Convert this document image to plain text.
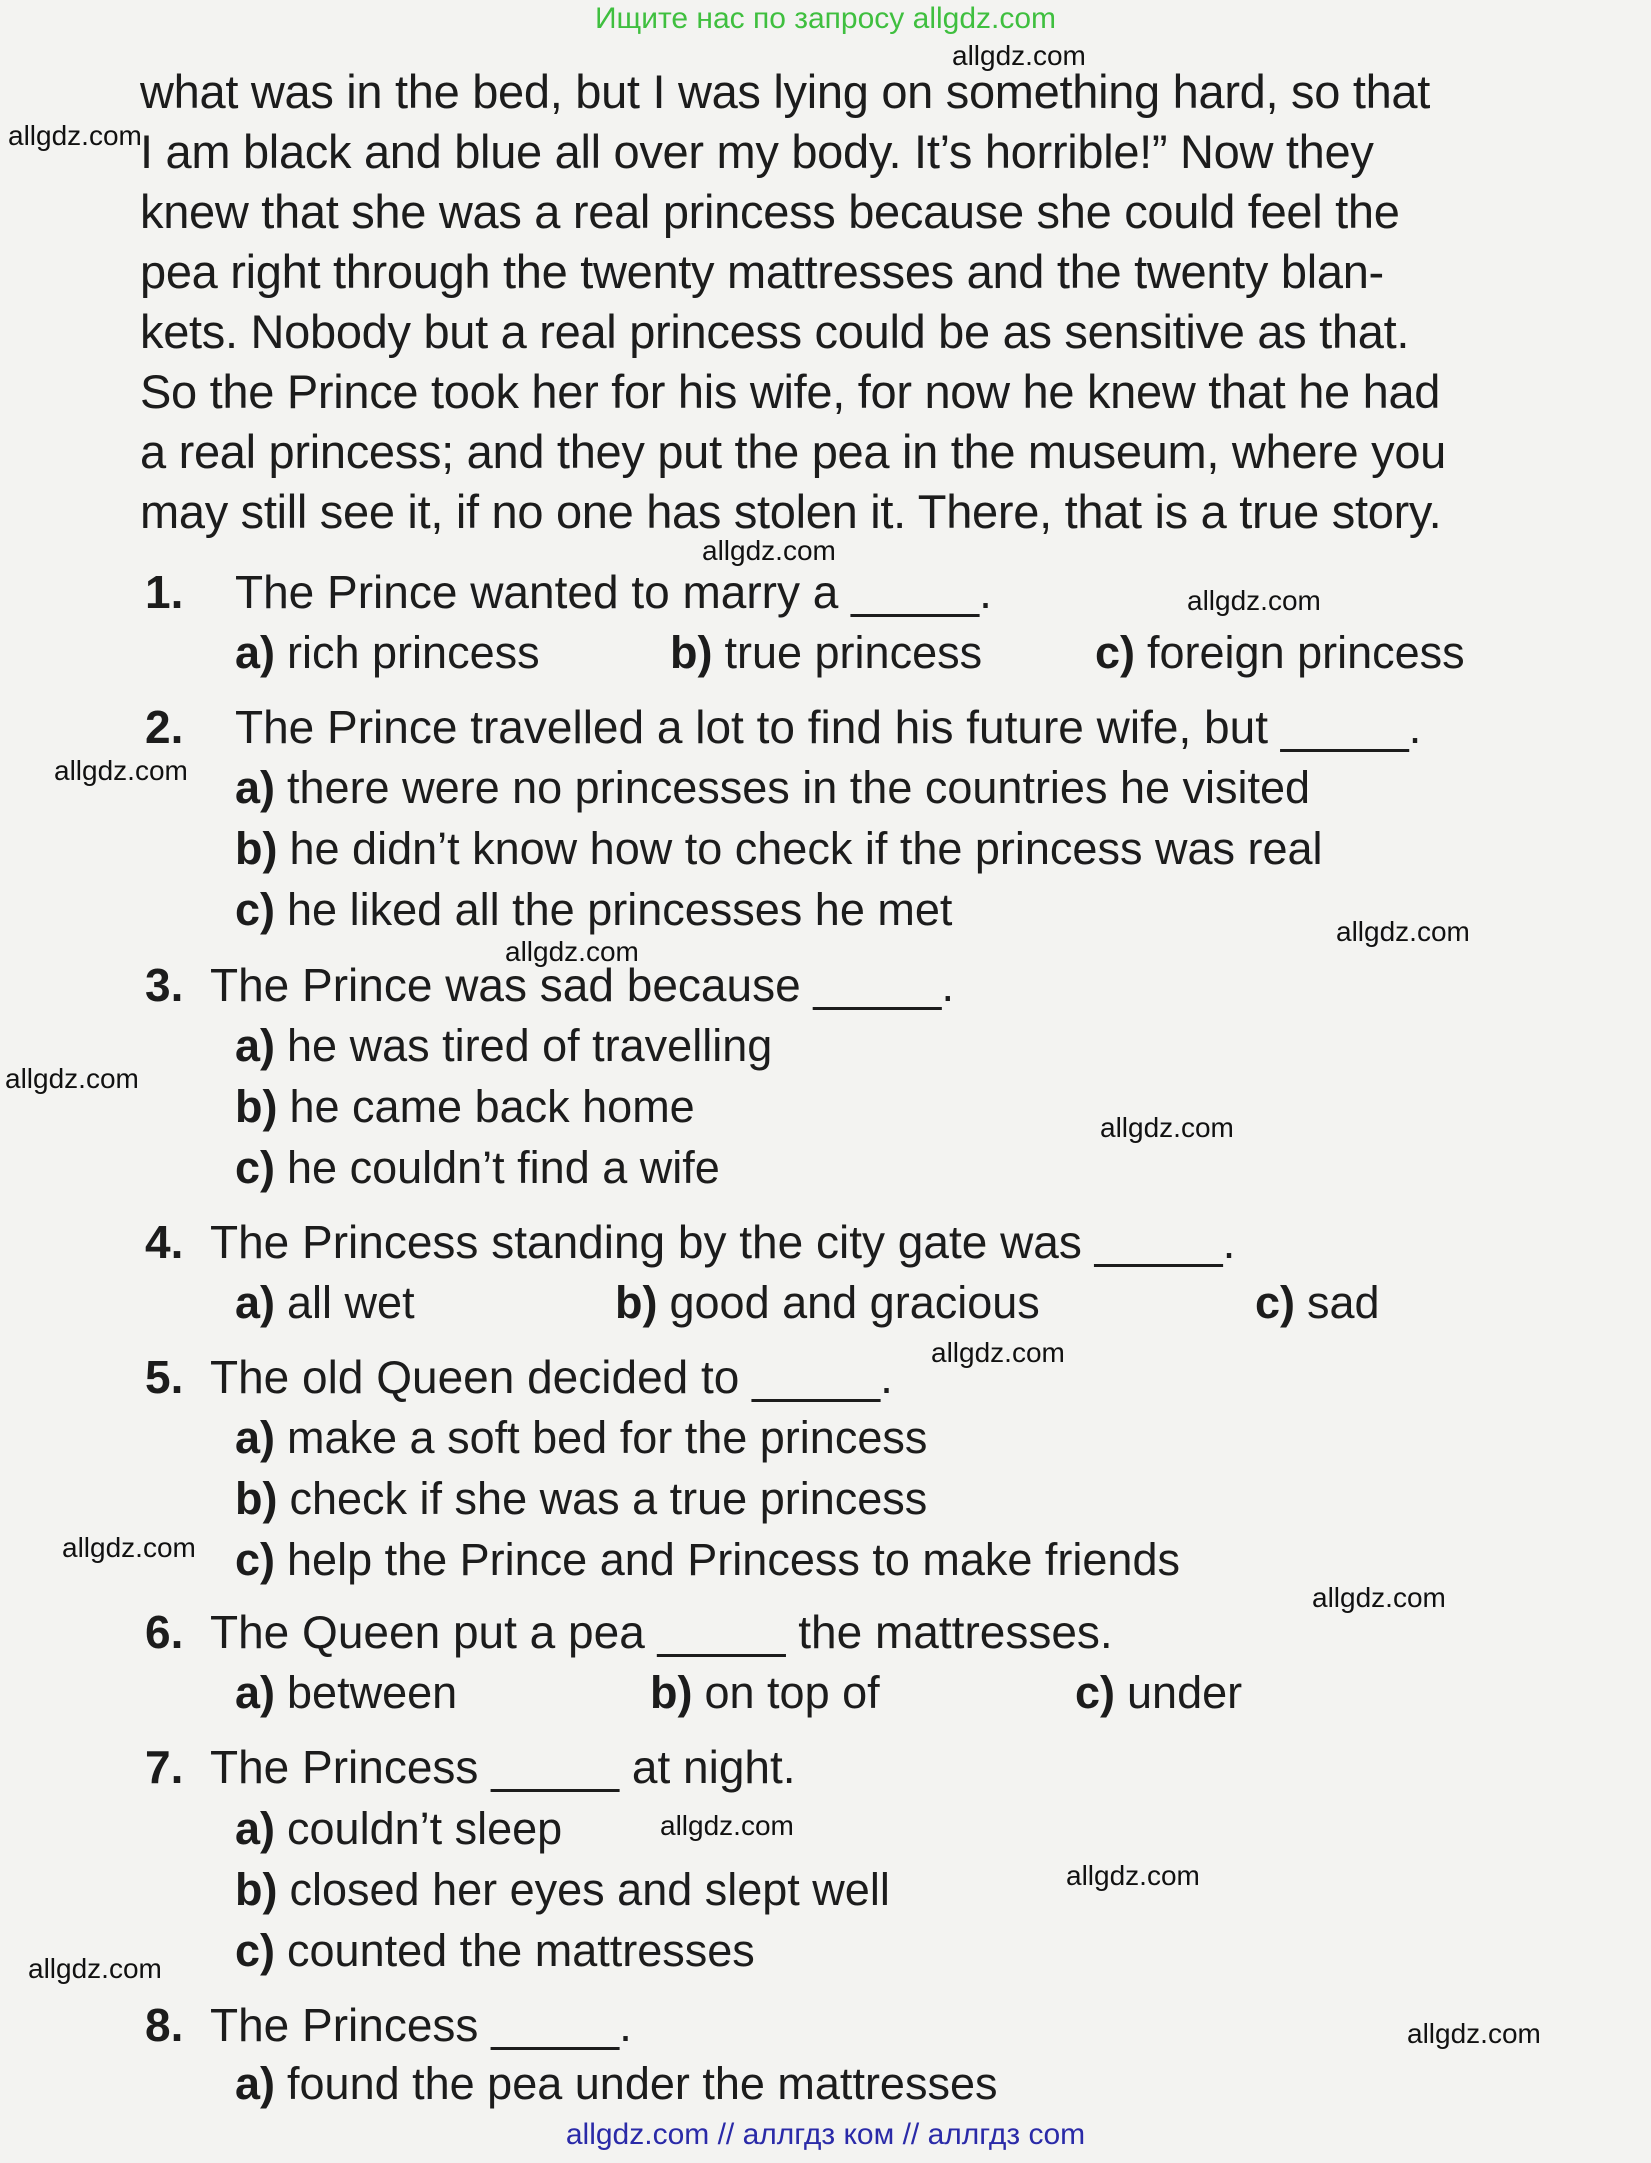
Ищите нас по запросу allgdz.com
allgdz.com
allgdz.com
allgdz.com
allgdz.com
allgdz.com
allgdz.com
allgdz.com
allgdz.com
allgdz.com
allgdz.com
allgdz.com
allgdz.com
allgdz.com
allgdz.com
allgdz.com
allgdz.com
what was in the bed, but I was lying on something hard, so that
I am black and blue all over my body. It’s horrible!” Now they
knew that she was a real princess because she could feel the
pea right through the twenty mattresses and the twenty blan-
kets. Nobody but a real princess could be as sensitive as that.
So the Prince took her for his wife, for now he knew that he had
a real princess; and they put the pea in the museum, where you
may still see it, if no one has stolen it. There, that is a true story.
1. The Prince wanted to marry a _____.
a) rich princess	b) true princess	c) foreign princess
2. The Prince travelled a lot to find his future wife, but _____.
a) there were no princesses in the countries he visited
b) he didn’t know how to check if the princess was real
c) he liked all the princesses he met
3. The Prince was sad because _____.
a) he was tired of travelling
b) he came back home
c) he couldn’t find a wife
4. The Princess standing by the city gate was _____.
a) all wet	b) good and gracious	c) sad
5. The old Queen decided to _____.
a) make a soft bed for the princess
b) check if she was a true princess
c) help the Prince and Princess to make friends
6. The Queen put a pea _____ the mattresses.
a) between	b) on top of	c) under
7. The Princess _____ at night.
a) couldn’t sleep
b) closed her eyes and slept well
c) counted the mattresses
8. The Princess _____.
a) found the pea under the mattresses
allgdz.com // аллгдз ком // аллгдз сom
